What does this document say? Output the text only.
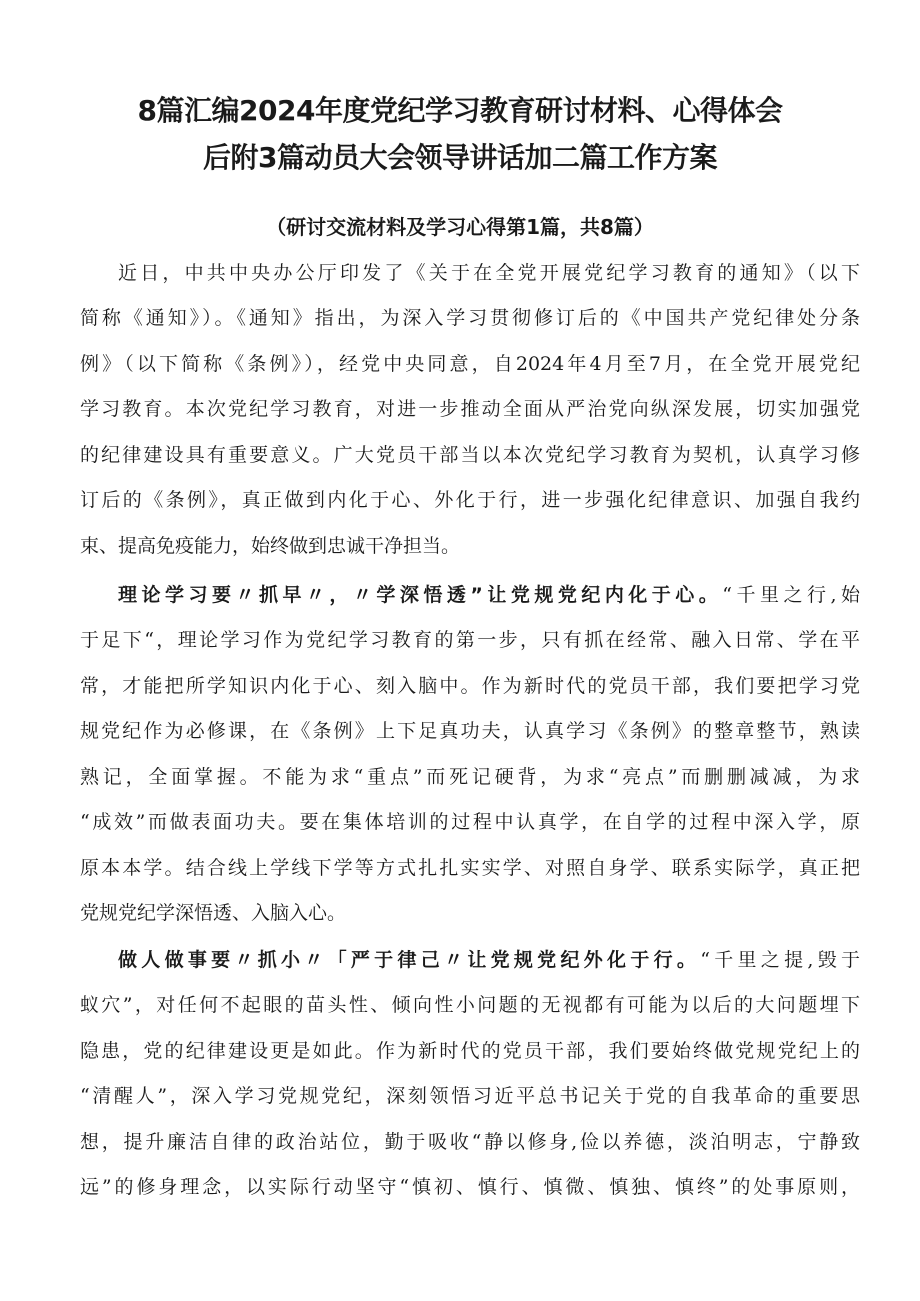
8篇汇编2024年度党纪学习教育研讨材料、心得体会
后附3篇动员大会领导讲话加二篇工作方案

（研讨交流材料及学习心得第1篇，共8篇）

近日，中共中央办公厅印发了《关于在全党开展党纪学习教育的通知》（以下

简称《通知》）。《通知》指出，为深入学习贯彻修订后的《中国共产党纪律处分条

例》（以下简称《条例》），经党中央同意，自2024年4月至7月，在全党开展党纪

学习教育。本次党纪学习教育，对进一步推动全面从严治党向纵深发展，切实加强党

的纪律建设具有重要意义。广大党员干部当以本次党纪学习教育为契机，认真学习修

订后的《条例》，真正做到内化于心、外化于行，进一步强化纪律意识、加强自我约

束、提高免疫能力，始终做到忠诚干净担当。

理论学习要〃抓早〃，〃学深悟透”让党规党纪内化于心。“千里之行,始

于足下“，理论学习作为党纪学习教育的第一步，只有抓在经常、融入日常、学在平

常，才能把所学知识内化于心、刻入脑中。作为新时代的党员干部，我们要把学习党

规党纪作为必修课，在《条例》上下足真功夫，认真学习《条例》的整章整节，熟读

熟记，全面掌握。不能为求“重点”而死记硬背，为求“亮点”而删删减减，为求

“成效”而做表面功夫。要在集体培训的过程中认真学，在自学的过程中深入学，原

原本本学。结合线上学线下学等方式扎扎实实学、对照自身学、联系实际学，真正把

党规党纪学深悟透、入脑入心。

做人做事要〃抓小〃「严于律己〃让党规党纪外化于行。“千里之提,毁于

蚁穴”，对任何不起眼的苗头性、倾向性小问题的无视都有可能为以后的大问题埋下

隐患，党的纪律建设更是如此。作为新时代的党员干部，我们要始终做党规党纪上的

“清醒人”，深入学习党规党纪，深刻领悟习近平总书记关于党的自我革命的重要思

想，提升廉洁自律的政治站位，勤于吸收“静以修身,俭以养德，淡泊明志，宁静致

远”的修身理念，以实际行动坚守“慎初、慎行、慎微、慎独、慎终”的处事原则，
